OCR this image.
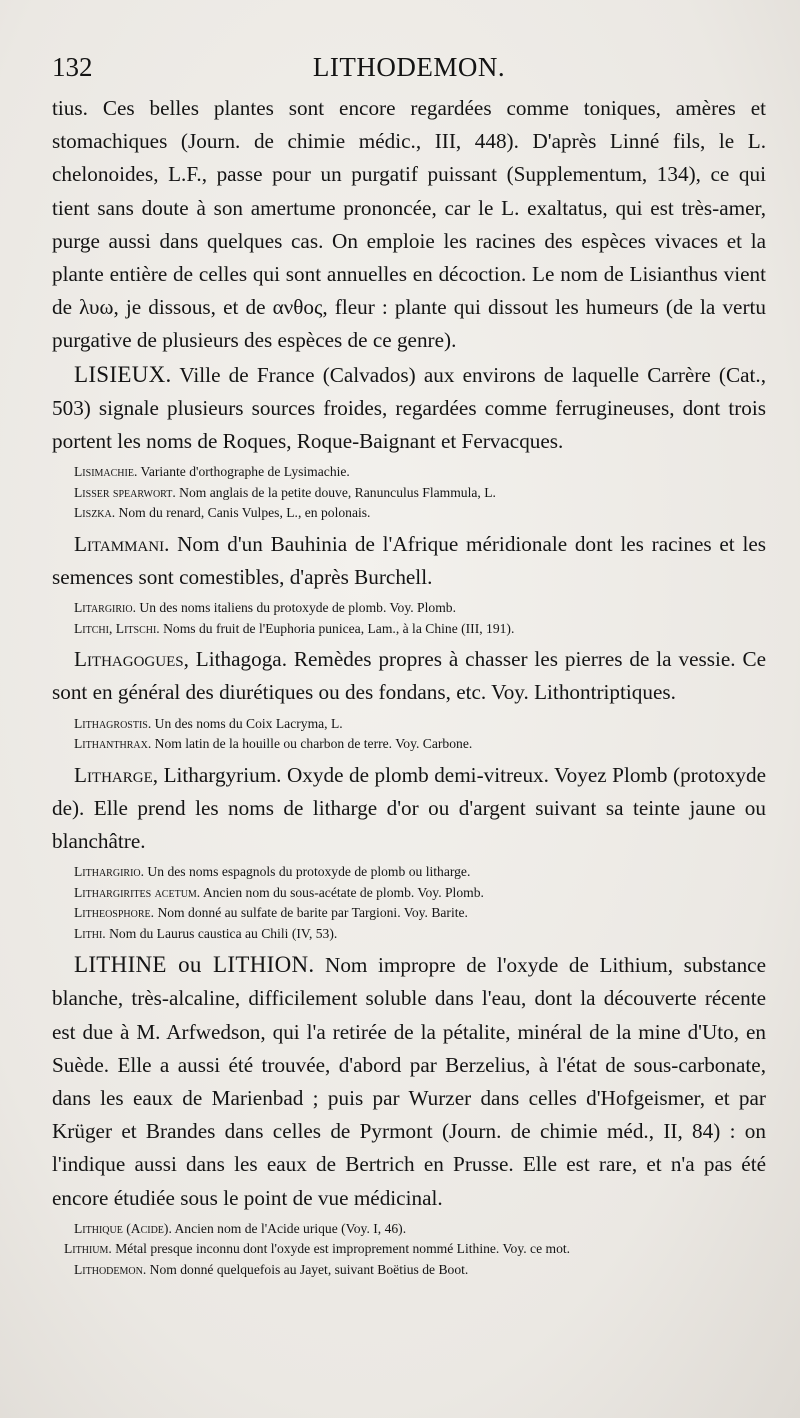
132	LITHODEMON.

tius. Ces belles plantes sont encore regardées comme toniques, amères et stomachiques (Journ. de chimie médic., III, 448). D'après Linné fils, le L. chelonoides, L.F., passe pour un purgatif puissant (Supplementum, 134), ce qui tient sans doute à son amertume prononcée, car le L. exaltatus, qui est très-amer, purge aussi dans quelques cas. On emploie les racines des espèces vivaces et la plante entière de celles qui sont annuelles en décoction. Le nom de Lisianthus vient de λυω, je dissous, et de ανθος, fleur : plante qui dissout les humeurs (de la vertu purgative de plusieurs des espèces de ce genre).

LISIEUX. Ville de France (Calvados) aux environs de laquelle Carrère (Cat., 503) signale plusieurs sources froides, regardées comme ferrugineuses, dont trois portent les noms de Roques, Roque-Baignant et Fervacques.

Lisimachie. Variante d'orthographe de Lysimachie.

Lisser spearwort. Nom anglais de la petite douve, Ranunculus Flammula, L.

Liszka. Nom du renard, Canis Vulpes, L., en polonais.

Litammani. Nom d'un Bauhinia de l'Afrique méridionale dont les racines et les semences sont comestibles, d'après Burchell.

Litargirio. Un des noms italiens du protoxyde de plomb. Voy. Plomb.

Litchi, Litschi. Noms du fruit de l'Euphoria punicea, Lam., à la Chine (III, 191).

Lithagogues, Lithagoga. Remèdes propres à chasser les pierres de la vessie. Ce sont en général des diurétiques ou des fondans, etc. Voy. Lithontriptiques.

Lithagrostis. Un des noms du Coix Lacryma, L.

Lithanthrax. Nom latin de la houille ou charbon de terre. Voy. Carbone.

Litharge, Lithargyrium. Oxyde de plomb demi-vitreux. Voyez Plomb (protoxyde de). Elle prend les noms de litharge d'or ou d'argent suivant sa teinte jaune ou blanchâtre.

Lithargirio. Un des noms espagnols du protoxyde de plomb ou litharge.

Lithargirites acetum. Ancien nom du sous-acétate de plomb. Voy. Plomb.

Litheosphore. Nom donné au sulfate de barite par Targioni. Voy. Barite.

Lithi. Nom du Laurus caustica au Chili (IV, 53).

LITHINE ou LITHION. Nom impropre de l'oxyde de Lithium, substance blanche, très-alcaline, difficilement soluble dans l'eau, dont la découverte récente est due à M. Arfwedson, qui l'a retirée de la pétalite, minéral de la mine d'Uto, en Suède. Elle a aussi été trouvée, d'abord par Berzelius, à l'état de sous-carbonate, dans les eaux de Marienbad ; puis par Wurzer dans celles d'Hofgeismer, et par Krüger et Brandes dans celles de Pyrmont (Journ. de chimie méd., II, 84) : on l'indique aussi dans les eaux de Bertrich en Prusse. Elle est rare, et n'a pas été encore étudiée sous le point de vue médicinal.

Lithique (Acide). Ancien nom de l'Acide urique (Voy. I, 46).

Lithium. Métal presque inconnu dont l'oxyde est improprement nommé Lithine. Voy. ce mot.

Lithodemon. Nom donné quelquefois au Jayet, suivant Boëtius de Boot.
